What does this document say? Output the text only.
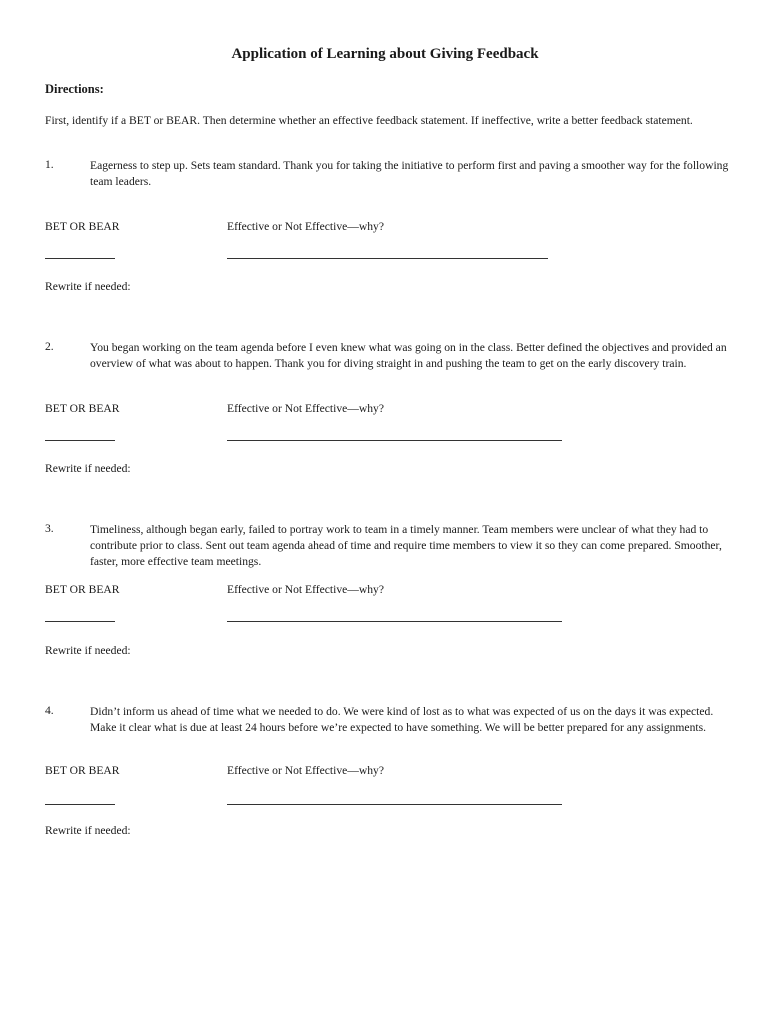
Application of Learning about Giving Feedback
Directions:
First, identify if a BET or BEAR. Then determine whether an effective feedback statement. If ineffective, write a better feedback statement.
1.	Eagerness to step up. Sets team standard. Thank you for taking the initiative to perform first and paving a smoother way for the following team leaders.
BET OR BEAR	Effective or Not Effective—why?
Rewrite if needed:
2.	You began working on the team agenda before I even knew what was going on in the class. Better defined the objectives and provided an overview of what was about to happen. Thank you for diving straight in and pushing the team to get on the early discovery train.
BET OR BEAR	Effective or Not Effective—why?
Rewrite if needed:
3.	Timeliness, although began early, failed to portray work to team in a timely manner. Team members were unclear of what they had to contribute prior to class. Sent out team agenda ahead of time and require time members to view it so they can come prepared. Smoother, faster, more effective team meetings.
BET OR BEAR	Effective or Not Effective—why?
Rewrite if needed:
4.	Didn’t inform us ahead of time what we needed to do. We were kind of lost as to what was expected of us on the days it was expected. Make it clear what is due at least 24 hours before we’re expected to have something. We will be better prepared for any assignments.
BET OR BEAR	Effective or Not Effective—why?
Rewrite if needed:
